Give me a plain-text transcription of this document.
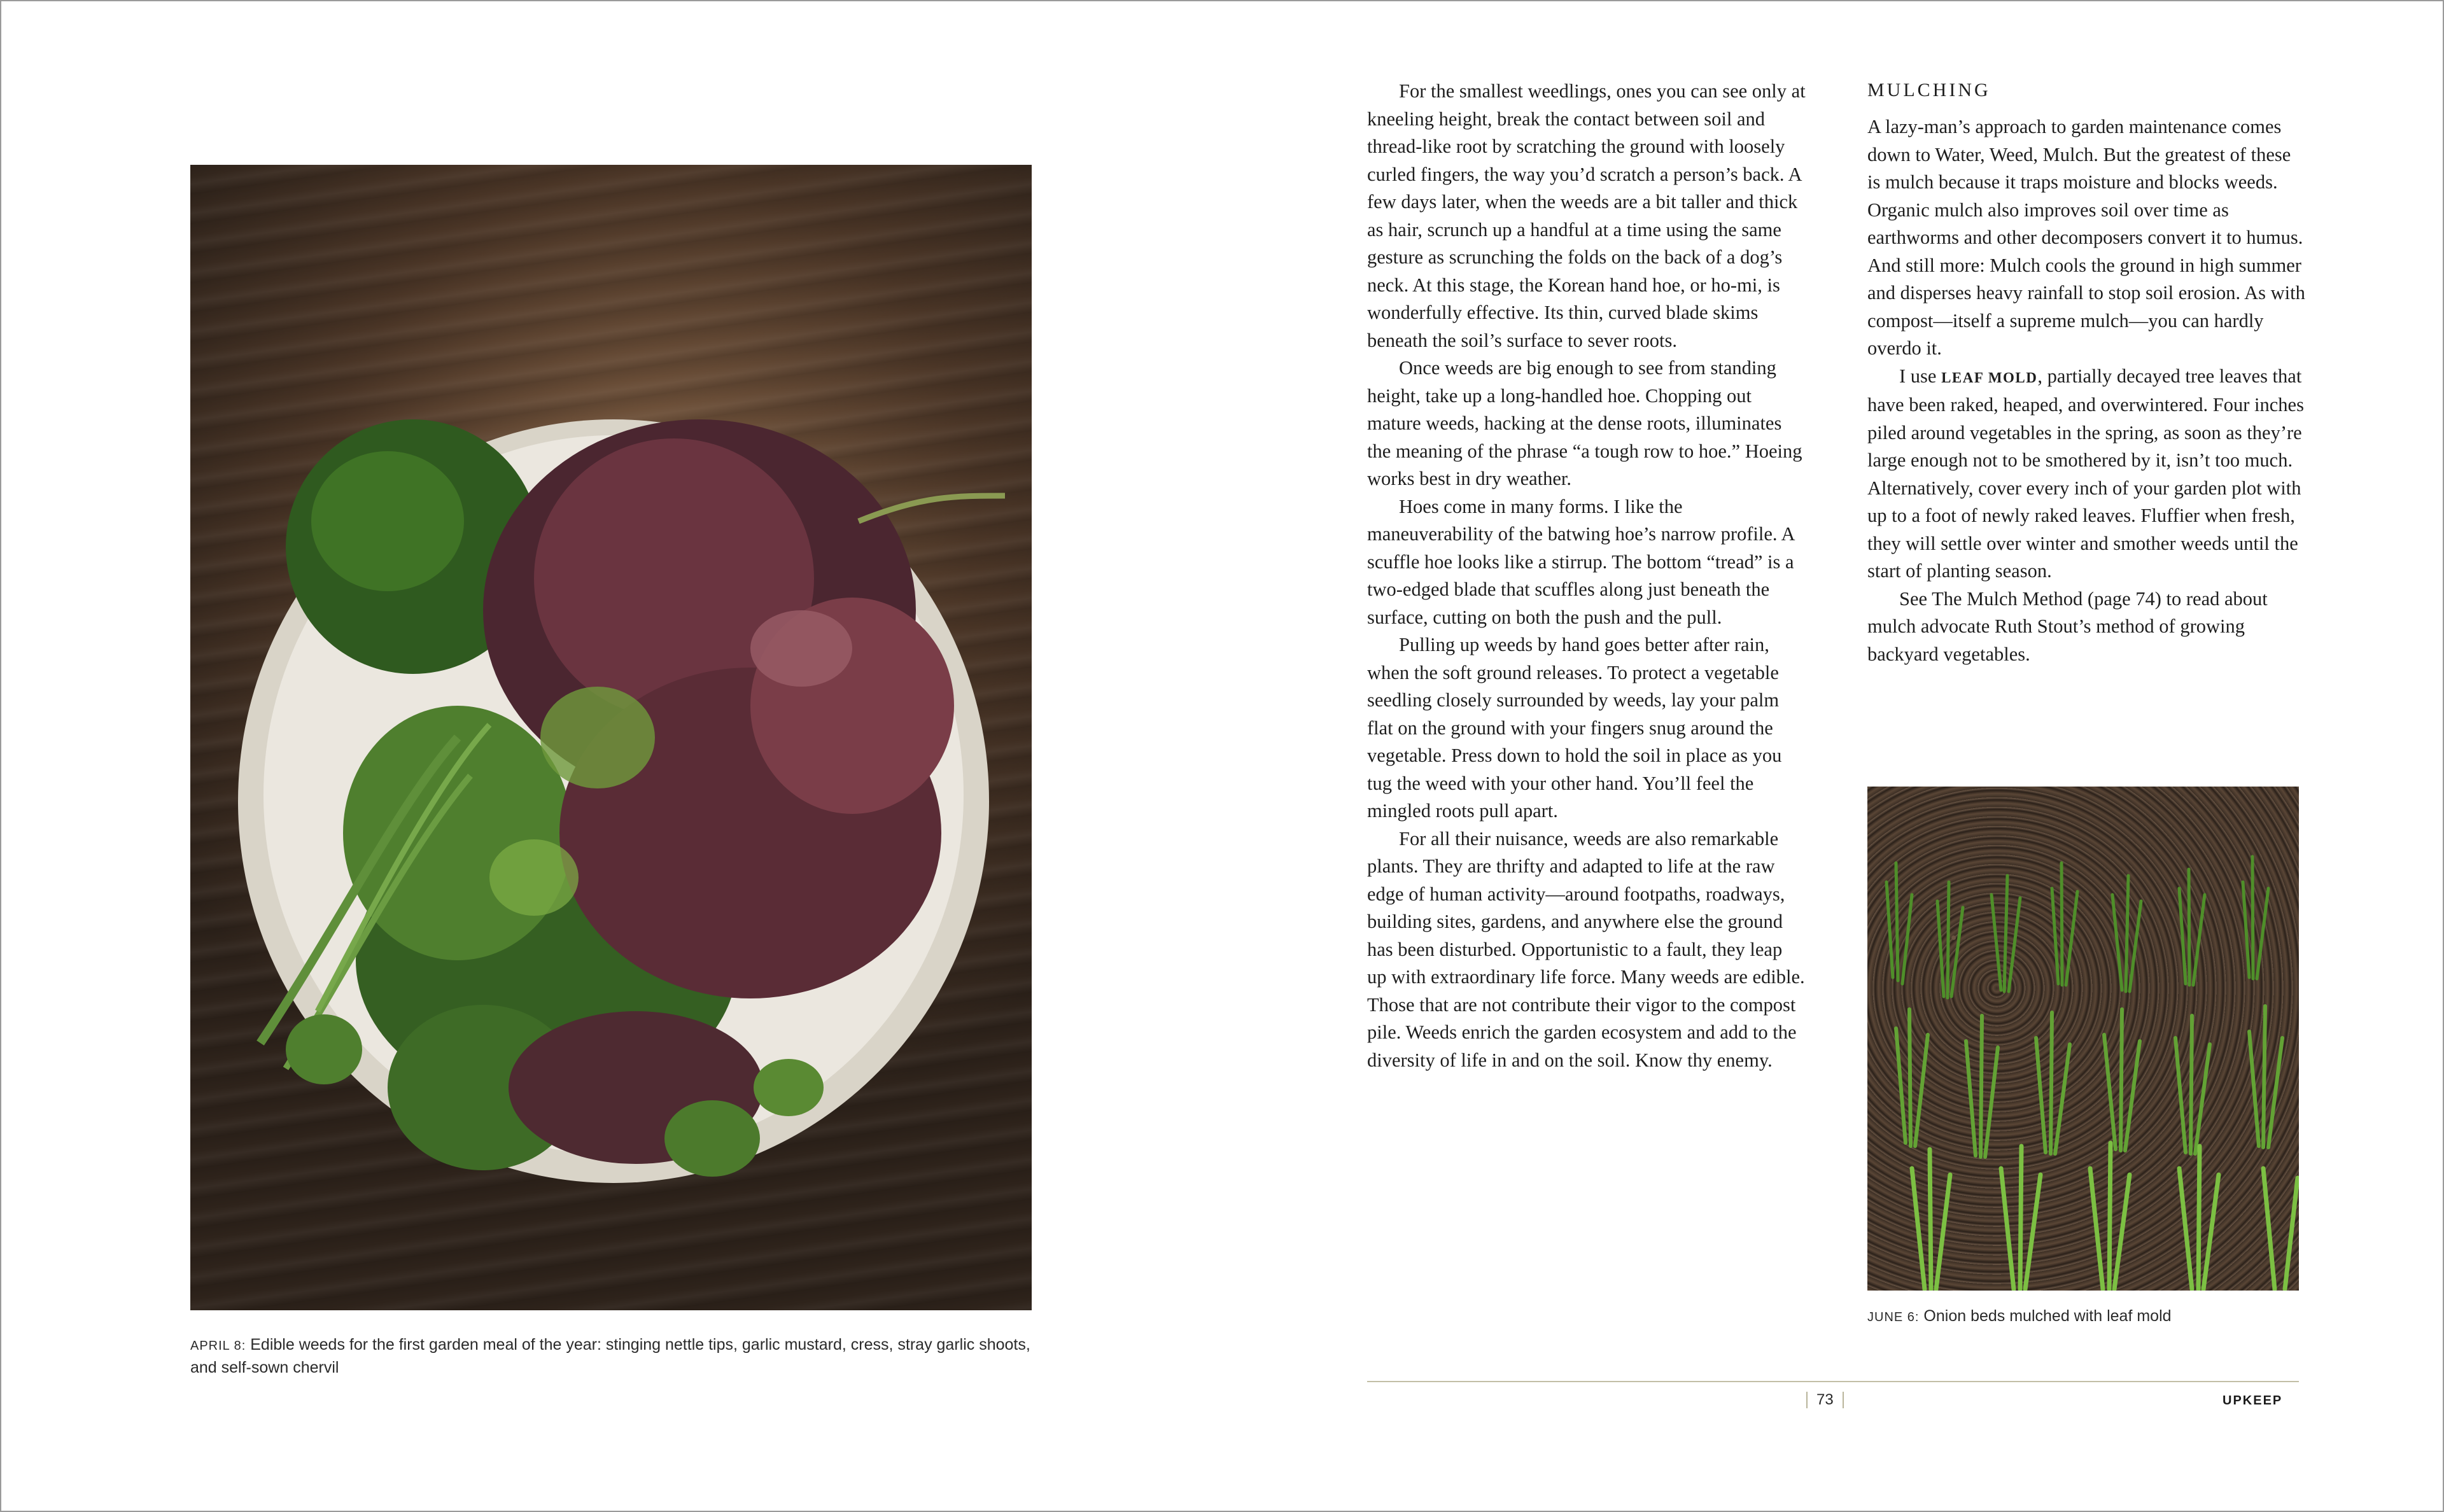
APRIL 8: Edible weeds for the first garden meal of the year: stinging nettle tips, garlic mustard, cress, stray garlic shoots, and self-sown chervil

For the smallest weedlings, ones you can see only at kneeling height, break the contact between soil and thread-like root by scratching the ground with loosely curled fingers, the way you’d scratch a person’s back. A few days later, when the weeds are a bit taller and thick as hair, scrunch up a handful at a time using the same gesture as scrunching the folds on the back of a dog’s neck. At this stage, the Korean hand hoe, or ho-mi, is wonderfully effective. Its thin, curved blade skims beneath the soil’s surface to sever roots.

Once weeds are big enough to see from standing height, take up a long-handled hoe. Chopping out mature weeds, hacking at the dense roots, illuminates the meaning of the phrase “a tough row to hoe.” Hoeing works best in dry weather.

Hoes come in many forms. I like the maneuverability of the batwing hoe’s narrow profile. A scuffle hoe looks like a stirrup. The bottom “tread” is a two-edged blade that scuffles along just beneath the surface, cutting on both the push and the pull.

Pulling up weeds by hand goes better after rain, when the soft ground releases. To protect a vegetable seedling closely surrounded by weeds, lay your palm flat on the ground with your fingers snug around the vegetable. Press down to hold the soil in place as you tug the weed with your other hand. You’ll feel the mingled roots pull apart.

For all their nuisance, weeds are also remarkable plants. They are thrifty and adapted to life at the raw edge of human activity—around footpaths, roadways, building sites, gardens, and anywhere else the ground has been disturbed. Opportunistic to a fault, they leap up with extraordinary life force. Many weeds are edible. Those that are not contribute their vigor to the compost pile. Weeds enrich the garden ecosystem and add to the diversity of life in and on the soil. Know thy enemy.

MULCHING

A lazy-man’s approach to garden maintenance comes down to Water, Weed, Mulch. But the greatest of these is mulch because it traps moisture and blocks weeds. Organic mulch also improves soil over time as earthworms and other decomposers convert it to humus. And still more: Mulch cools the ground in high summer and disperses heavy rainfall to stop soil erosion. As with compost—itself a supreme mulch—you can hardly overdo it.

I use LEAF MOLD, partially decayed tree leaves that have been raked, heaped, and overwintered. Four inches piled around vegetables in the spring, as soon as they’re large enough not to be smothered by it, isn’t too much. Alternatively, cover every inch of your garden plot with up to a foot of newly raked leaves. Fluffier when fresh, they will settle over winter and smother weeds until the start of planting season.

See The Mulch Method (page 74) to read about mulch advocate Ruth Stout’s method of growing backyard vegetables.

JUNE 6: Onion beds mulched with leaf mold
73	UPKEEP
